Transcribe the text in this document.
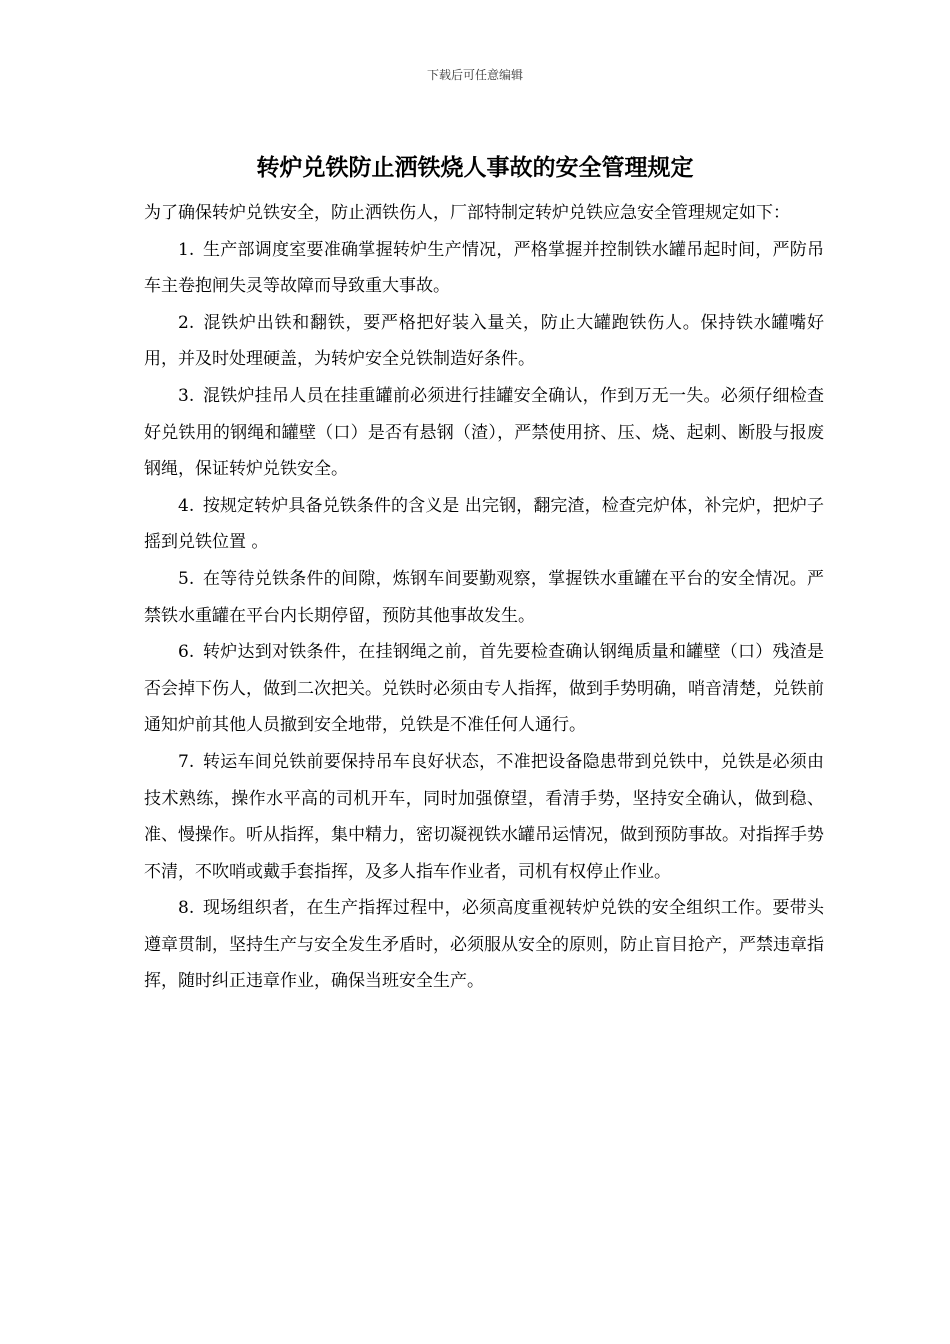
下载后可任意编辑
转炉兑铁防止洒铁烧人事故的安全管理规定

为了确保转炉兑铁安全，防止洒铁伤人，厂部特制定转炉兑铁应急安全管理规定如下：

1. 生产部调度室要准确掌握转炉生产情况，严格掌握并控制铁水罐吊起时间，严防吊车主卷抱闸失灵等故障而导致重大事故。

2. 混铁炉出铁和翻铁，要严格把好装入量关，防止大罐跑铁伤人。保持铁水罐嘴好用，并及时处理硬盖，为转炉安全兑铁制造好条件。

3. 混铁炉挂吊人员在挂重罐前必须进行挂罐安全确认，作到万无一失。必须仔细检查好兑铁用的钢绳和罐壁（口）是否有悬钢（渣），严禁使用挤、压、烧、起刺、断股与报废钢绳，保证转炉兑铁安全。

4. 按规定转炉具备兑铁条件的含义是 出完钢，翻完渣，检查完炉体，补完炉，把炉子摇到兑铁位置 。

5. 在等待兑铁条件的间隙，炼钢车间要勤观察，掌握铁水重罐在平台的安全情况。严禁铁水重罐在平台内长期停留，预防其他事故发生。

6. 转炉达到对铁条件，在挂钢绳之前，首先要检查确认钢绳质量和罐壁（口）残渣是否会掉下伤人，做到二次把关。兑铁时必须由专人指挥，做到手势明确，哨音清楚，兑铁前通知炉前其他人员撤到安全地带，兑铁是不准任何人通行。

7. 转运车间兑铁前要保持吊车良好状态，不准把设备隐患带到兑铁中，兑铁是必须由技术熟练，操作水平高的司机开车，同时加强僚望，看清手势，坚持安全确认，做到稳、准、慢操作。听从指挥，集中精力，密切凝视铁水罐吊运情况，做到预防事故。对指挥手势不清，不吹哨或戴手套指挥，及多人指车作业者，司机有权停止作业。

8. 现场组织者，在生产指挥过程中，必须高度重视转炉兑铁的安全组织工作。要带头遵章贯制，坚持生产与安全发生矛盾时，必须服从安全的原则，防止盲目抢产，严禁违章指挥，随时纠正违章作业，确保当班安全生产。
